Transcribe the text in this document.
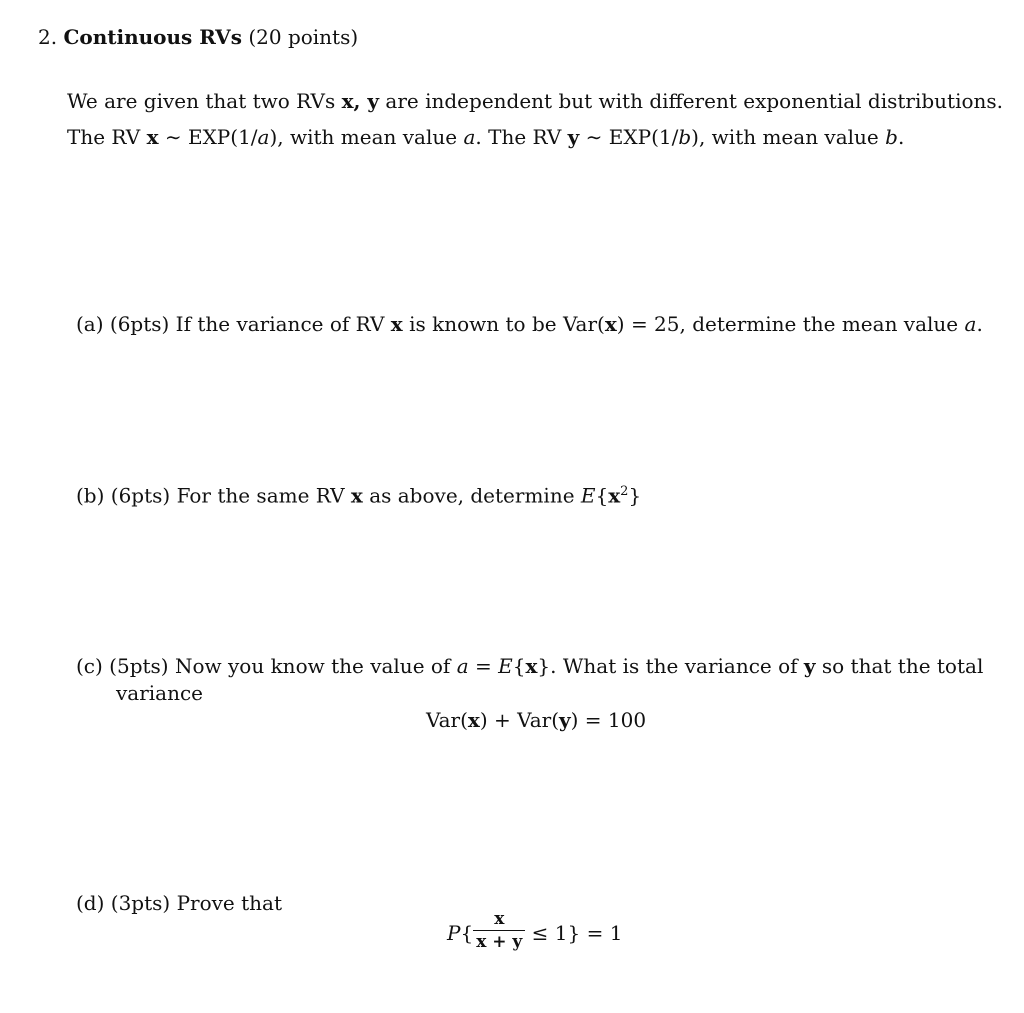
2. Continuous RVs (20 points)
We are given that two RVs x, y are independent but with different exponential distributions.
The RV x ∼ EXP(1/a), with mean value a. The RV y ∼ EXP(1/b), with mean value b.
(a) (6pts) If the variance of RV x is known to be Var(x) = 25, determine the mean value a.
(b) (6pts) For the same RV x as above, determine $E\{x^2\}$
(c) (5pts) Now you know the value of a = E{x}. What is the variance of y so that the total
variance
Var(x) + Var(y) = 100
(d) (3pts) Prove that
$P\{ \frac{x}{x + y} \le 1\} = 1$
